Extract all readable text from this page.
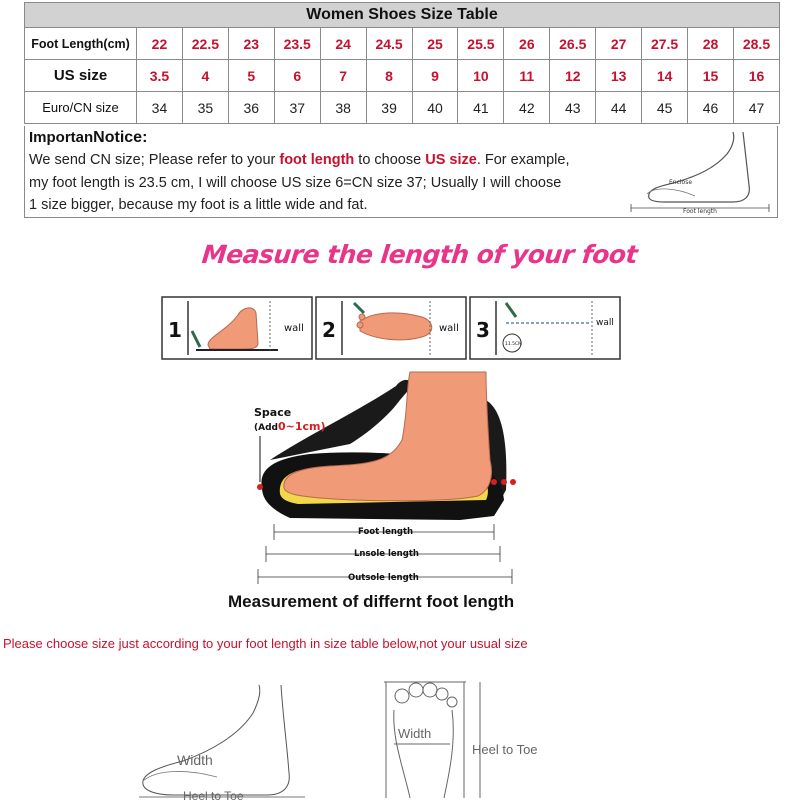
Women Shoes Size Table														
Foot Length(cm)	22	22.5	23	23.5	24	24.5	25	25.5	26	26.5	27	27.5	28	28.5
US size	3.5	4	5	6	7	8	9	10	11	12	13	14	15	16
Euro/CN size	34	35	36	37	38	39	40	41	42	43	44	45	46	47
ImportanNotice:
We send CN size; Please refer to your foot length to choose US size. For example,
my foot length is 23.5 cm, I will choose US size 6=CN size 37; Usually I will choose
1 size bigger, because my foot is a little wide and fat.
Enclose
Foot length
Measure the length of your foot
1	wall 2	wall 3
11.5CM
wall
Space
(Add0~1cm)
Foot length
Lnsole length
Outsole length
Measurement of differnt foot length
Please choose size just according to your foot length in size table below,not your usual size
Width
Heel to Toe
Width
Heel to Toe
